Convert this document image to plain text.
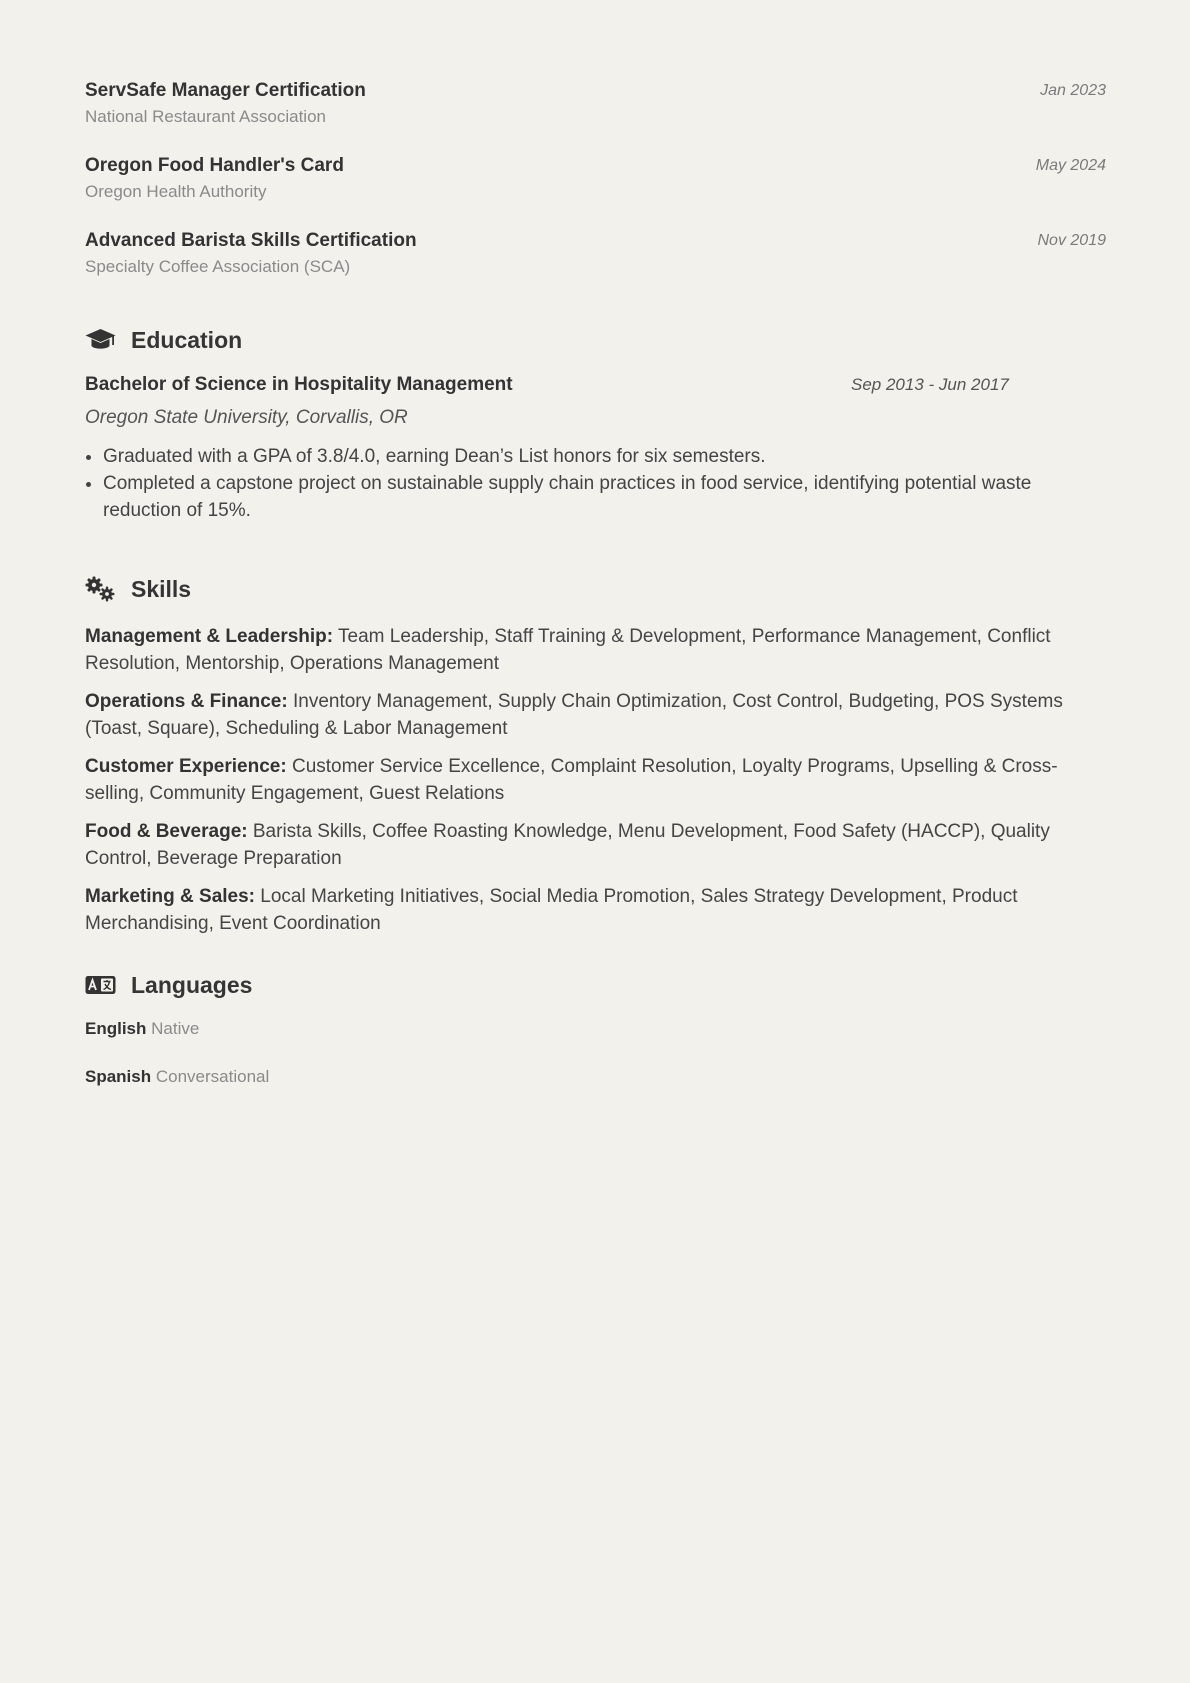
ServSafe Manager Certification
National Restaurant Association
Jan 2023
Oregon Food Handler's Card
Oregon Health Authority
May 2024
Advanced Barista Skills Certification
Specialty Coffee Association (SCA)
Nov 2019
Education
Bachelor of Science in Hospitality Management	Sep 2013 - Jun 2017
Oregon State University, Corvallis, OR
• Graduated with a GPA of 3.8/4.0, earning Dean’s List honors for six semesters.
• Completed a capstone project on sustainable supply chain practices in food service, identifying potential waste reduction of 15%.
Skills
Management & Leadership: Team Leadership, Staff Training & Development, Performance Management, Conflict Resolution, Mentorship, Operations Management
Operations & Finance: Inventory Management, Supply Chain Optimization, Cost Control, Budgeting, POS Systems (Toast, Square), Scheduling & Labor Management
Customer Experience: Customer Service Excellence, Complaint Resolution, Loyalty Programs, Upselling & Cross-selling, Community Engagement, Guest Relations
Food & Beverage: Barista Skills, Coffee Roasting Knowledge, Menu Development, Food Safety (HACCP), Quality Control, Beverage Preparation
Marketing & Sales: Local Marketing Initiatives, Social Media Promotion, Sales Strategy Development, Product Merchandising, Event Coordination
Languages
English Native
Spanish Conversational
